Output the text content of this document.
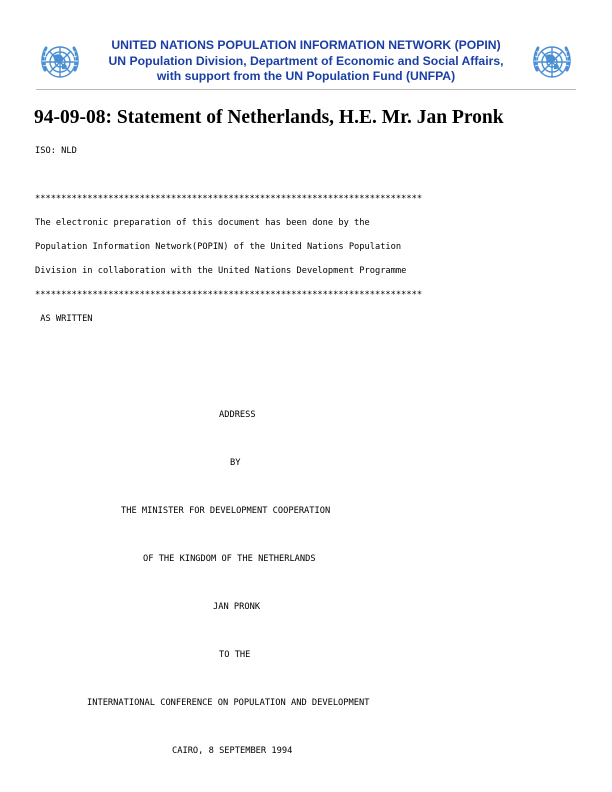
UNITED NATIONS POPULATION INFORMATION NETWORK (POPIN)
UN Population Division, Department of Economic and Social Affairs,
with support from the UN Population Fund (UNFPA)
94-09-08: Statement of Netherlands, H.E. Mr. Jan Pronk
ISO: NLD
**************************************************************************
The electronic preparation of this document has been done by the
Population Information Network(POPIN) of the United Nations Population
Division in collaboration with the United Nations Development Programme
**************************************************************************
AS WRITTEN
ADDRESS
BY
THE MINISTER FOR DEVELOPMENT COOPERATION
OF THE KINGDOM OF THE NETHERLANDS
JAN PRONK
TO THE
INTERNATIONAL CONFERENCE ON POPULATION AND DEVELOPMENT
CAIRO, 8 SEPTEMBER 1994
